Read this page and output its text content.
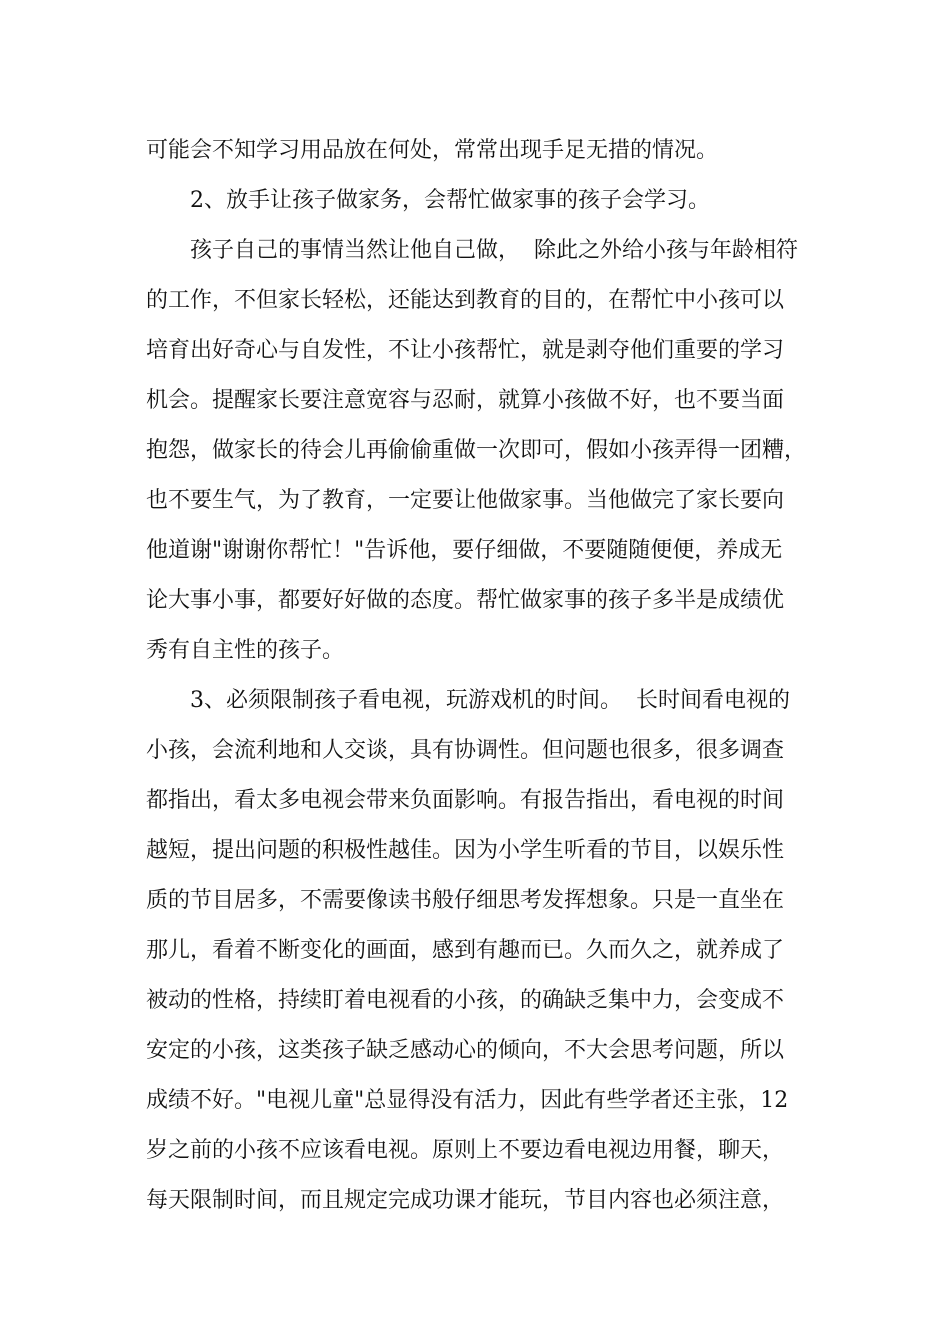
可能会不知学习用品放在何处，常常出现手足无措的情况。
2、放手让孩子做家务，会帮忙做家事的孩子会学习。
孩子自己的事情当然让他自己做，  除此之外给小孩与年龄相符
的工作，不但家长轻松，还能达到教育的目的，在帮忙中小孩可以
培育出好奇心与自发性，不让小孩帮忙，就是剥夺他们重要的学习
机会。提醒家长要注意宽容与忍耐，就算小孩做不好，也不要当面
抱怨，做家长的待会儿再偷偷重做一次即可，假如小孩弄得一团糟，
也不要生气，为了教育，一定要让他做家事。当他做完了家长要向
他道谢"谢谢你帮忙！"告诉他，要仔细做，不要随随便便，养成无
论大事小事，都要好好做的态度。帮忙做家事的孩子多半是成绩优
秀有自主性的孩子。
3、必须限制孩子看电视，玩游戏机的时间。  长时间看电视的
小孩，会流利地和人交谈，具有协调性。但问题也很多，很多调查
都指出，看太多电视会带来负面影响。有报告指出，看电视的时间
越短，提出问题的积极性越佳。因为小学生听看的节目，以娱乐性
质的节目居多，不需要像读书般仔细思考发挥想象。只是一直坐在
那儿，看着不断变化的画面，感到有趣而已。久而久之，就养成了
被动的性格，持续盯着电视看的小孩，的确缺乏集中力，会变成不
安定的小孩，这类孩子缺乏感动心的倾向，不大会思考问题，所以
成绩不好。"电视儿童"总显得没有活力，因此有些学者还主张，12
岁之前的小孩不应该看电视。原则上不要边看电视边用餐，聊天，
每天限制时间，而且规定完成功课才能玩，节目内容也必须注意，
